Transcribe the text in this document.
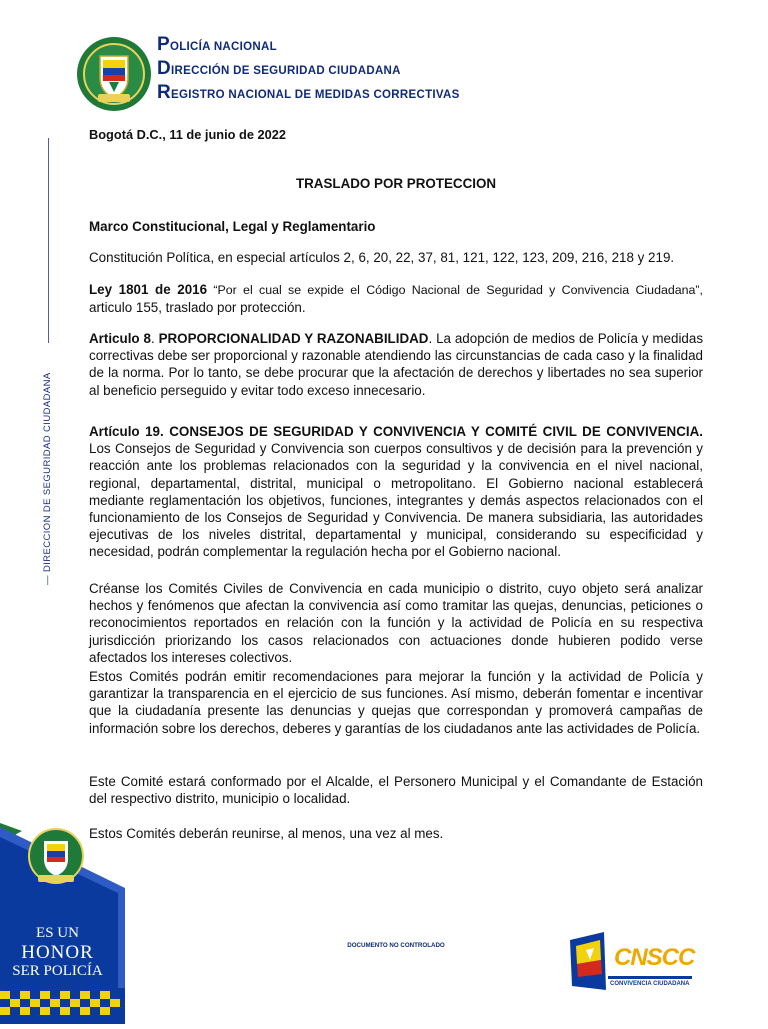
POLICÍA NACIONAL
DIRECCIÓN DE SEGURIDAD CIUDADANA
REGISTRO NACIONAL DE MEDIDAS CORRECTIVAS
— DIRECCION DE SEGURIDAD CIUDADANA
Bogotá D.C., 11 de junio de 2022
TRASLADO POR PROTECCION
Marco Constitucional, Legal y Reglamentario
Constitución Política, en especial artículos 2, 6, 20, 22, 37, 81, 121, 122, 123, 209, 216, 218 y 219.
Ley 1801 de 2016 “Por el cual se expide el Código Nacional de Seguridad y Convivencia Ciudadana”, articulo 155, traslado por protección.
Articulo 8. PROPORCIONALIDAD Y RAZONABILIDAD. La adopción de medios de Policía y medidas correctivas debe ser proporcional y razonable atendiendo las circunstancias de cada caso y la finalidad de la norma. Por lo tanto, se debe procurar que la afectación de derechos y libertades no sea superior al beneficio perseguido y evitar todo exceso innecesario.
Artículo 19. CONSEJOS DE SEGURIDAD Y CONVIVENCIA Y COMITÉ CIVIL DE CONVIVENCIA. Los Consejos de Seguridad y Convivencia son cuerpos consultivos y de decisión para la prevención y reacción ante los problemas relacionados con la seguridad y la convivencia en el nivel nacional, regional, departamental, distrital, municipal o metropolitano. El Gobierno nacional establecerá mediante reglamentación los objetivos, funciones, integrantes y demás aspectos relacionados con el funcionamiento de los Consejos de Seguridad y Convivencia. De manera subsidiaria, las autoridades ejecutivas de los niveles distrital, departamental y municipal, considerando su especificidad y necesidad, podrán complementar la regulación hecha por el Gobierno nacional.
Créanse los Comités Civiles de Convivencia en cada municipio o distrito, cuyo objeto será analizar hechos y fenómenos que afectan la convivencia así como tramitar las quejas, denuncias, peticiones o reconocimientos reportados en relación con la función y la actividad de Policía en su respectiva jurisdicción priorizando los casos relacionados con actuaciones donde hubieren podido verse afectados los intereses colectivos.
Estos Comités podrán emitir recomendaciones para mejorar la función y la actividad de Policía y garantizar la transparencia en el ejercicio de sus funciones. Así mismo, deberán fomentar e incentivar que la ciudadanía presente las denuncias y quejas que correspondan y promoverá campañas de información sobre los derechos, deberes y garantías de los ciudadanos ante las actividades de Policía.
Este Comité estará conformado por el Alcalde, el Personero Municipal y el Comandante de Estación del respectivo distrito, municipio o localidad.
Estos Comités deberán reunirse, al menos, una vez al mes.
ES UN
HONOR
SER POLICÍA
DOCUMENTO NO CONTROLADO	CNSCC
CONVIVENCIA CIUDADANA
